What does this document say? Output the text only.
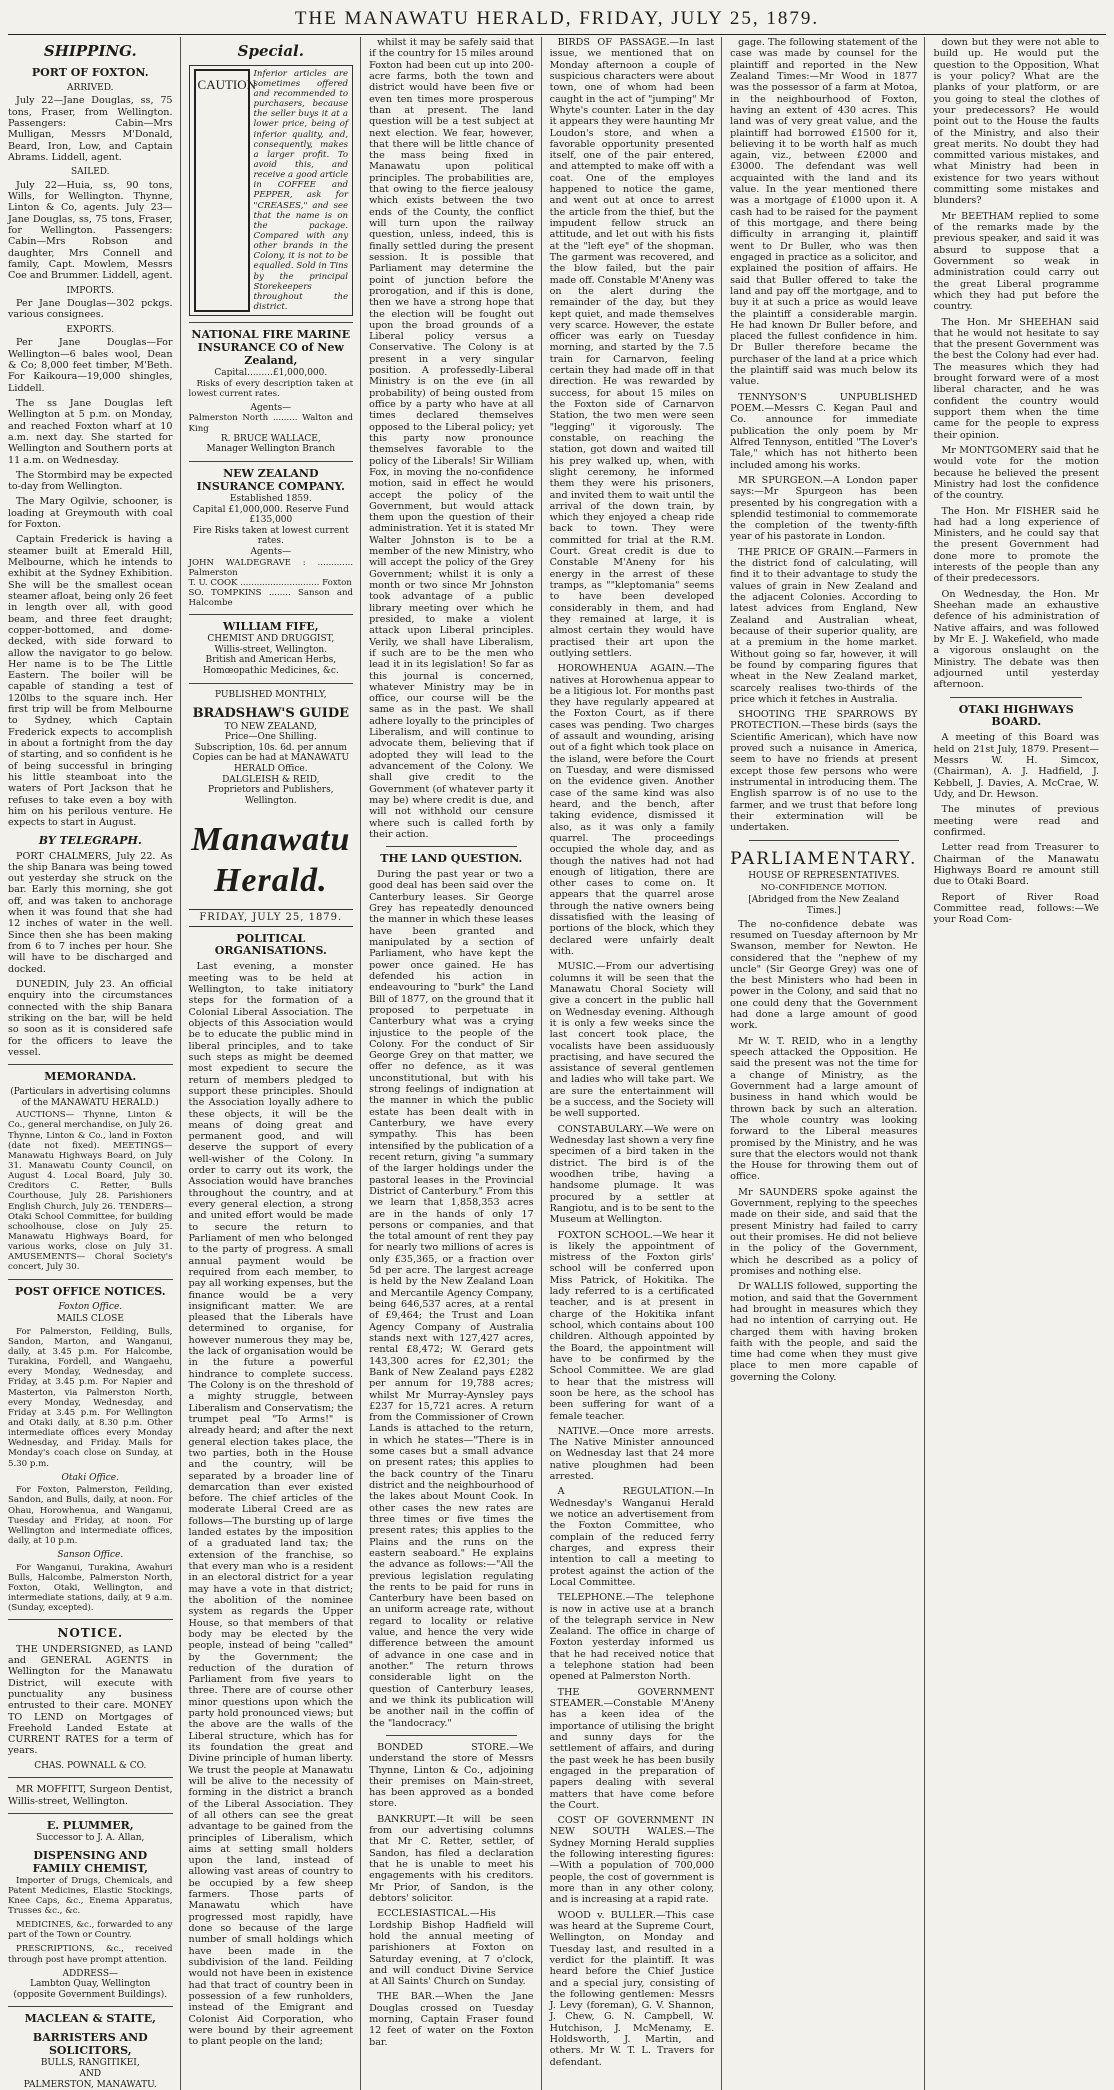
THE MANAWATU HERALD, FRIDAY, JULY 25, 1879.
SHIPPING.
PORT OF FOXTON.
ARRIVED.

July 22—Jane Douglas, ss, 75 tons, Fraser, from Wellington. Passengers: Cabin—Mrs Mulligan, Messrs M'Donald, Beard, Iron, Low, and Captain Abrams. Liddell, agent.

SAILED.

July 22—Huia, ss, 90 tons, Wills, for Wellington. Thynne, Linton & Co, agents. July 23—Jane Douglas, ss, 75 tons, Fraser, for Wellington. Passengers: Cabin—Mrs Robson and daughter, Mrs Connell and family, Capt. Mowlem, Messrs Coe and Brummer. Liddell, agent.

IMPORTS.

Per Jane Douglas—302 pckgs. various consignees.

EXPORTS.

Per Jane Douglas—For Wellington—6 bales wool, Dean & Co; 8,000 feet timber, M'Beth. For Kaikoura—19,000 shingles, Liddell.

The ss Jane Douglas left Wellington at 5 p.m. on Monday, and reached Foxton wharf at 10 a.m. next day. She started for Wellington and Southern ports at 11 a.m. on Wednesday.

The Stormbird may be expected to-day from Wellington.

The Mary Ogilvie, schooner, is loading at Greymouth with coal for Foxton.

Captain Frederick is having a steamer built at Emerald Hill, Melbourne, which he intends to exhibit at the Sydney Exhibition. She will be the smallest ocean steamer afloat, being only 26 feet in length over all, with good beam, and three feet draught; copper-bottomed, and dome-decked, with side forward to allow the navigator to go below. Her name is to be The Little Eastern. The boiler will be capable of standing a test of 120lbs to the square inch. Her first trip will be from Melbourne to Sydney, which Captain Frederick expects to accomplish in about a fortnight from the day of starting, and so confident is he of being successful in bringing his little steamboat into the waters of Port Jackson that he refuses to take even a boy with him on his perilous venture. He expects to start in August.

BY TELEGRAPH.

PORT CHALMERS, July 22. As the ship Banara was being towed out yesterday she struck on the bar. Early this morning, she got off, and was taken to anchorage when it was found that she had 12 inches of water in the well. Since then she has been making from 6 to 7 inches per hour. She will have to be discharged and docked.

DUNEDIN, July 23. An official enquiry into the circumstances connected with the ship Banara striking on the bar, will be held so soon as it is considered safe for the officers to leave the vessel.

MEMORANDA.
(Particulars in advertising columns of the MANAWATU HERALD.)

AUCTIONS— Thynne, Linton & Co., general merchandise, on July 26. Thynne, Linton & Co., land in Foxton (date not fixed). MEETINGS— Manawatu Highways Board, on July 31. Manawatu County Council, on August 4. Local Board, July 30. Creditors C. Retter, Bulls Courthouse, July 28. Parishioners English Church, July 26. TENDERS— Otaki School Committee, for building schoolhouse, close on July 25. Manawatu Highways Board, for various works, close on July 31. AMUSEMENTS— Choral Society's concert, July 30.

POST OFFICE NOTICES.
Foxton Office.
MAILS CLOSE

For Palmerston, Feilding, Bulls, Sandon, Marton, and Wanganui, daily, at 3.45 p.m. For Halcombe, Turakina, Fordell, and Wangaehu, every Monday, Wednesday, and Friday, at 3.45 p.m. For Napier and Masterton, via Palmerston North, every Monday, Wednesday, and Friday at 3.45 p.m. For Wellington and Otaki daily, at 8.30 p.m. Other intermediate offices every Monday Wednesday, and Friday. Mails for Monday's coach close on Sunday, at 5.30 p.m.

Otaki Office.

For Foxton, Palmerston, Feilding, Sandon, and Bulls, daily, at noon. For Ohau, Horowhenua, and Wanganui, Tuesday and Friday, at noon. For Wellington and intermediate offices, daily, at 10 p.m.

Sanson Office.

For Wanganui, Turakina, Awahuri Bulls, Halcombe, Palmerston North, Foxton, Otaki, Wellington, and intermediate stations, daily, at 9 a.m. (Sunday, excepted).

NOTICE.

THE UNDERSIGNED, as LAND and GENERAL AGENTS in Wellington for the Manawatu District, will execute with punctuality any business entrusted to their care. MONEY TO LEND on Mortgages of Freehold Landed Estate at CURRENT RATES for a term of years.

CHAS. POWNALL & CO.

MR MOFFITT, Surgeon Dentist, Willis-street, Wellington.

E. PLUMMER,
Successor to J. A. Allan,
DISPENSING AND FAMILY CHEMIST,

Importer of Drugs, Chemicals, and Patent Medicines, Elastic Stockings, Knee Caps, &c., Enema Apparatus, Trusses &c., &c.

MEDICINES, &c., forwarded to any part of the Town or Country.

PRESCRIPTIONS, &c., received through post have prompt attention.

ADDRESS—
Lambton Quay, Wellington (opposite Government Buildings).
MACLEAN & STAITE,
BARRISTERS AND SOLICITORS,
BULLS, RANGITIKEI,
AND
PALMERSTON, MANAWATU.
Special.
CAUTION
Inferior articles are sometimes offered and recommended to purchasers, because the seller buys it at a lower price, being of inferior quality, and, consequently, makes a larger profit. To avoid this, and receive a good article in COFFEE and PEPPER, ask for "CREASES," and see that the name is on the package. Compared with any other brands in the Colony, it is not to be equalled. Sold in Tins by the principal Storekeepers throughout the district.
NATIONAL FIRE MARINE INSURANCE CO of New Zealand,
Capital.........£1,000,000.

Risks of every description taken at lowest current rates.

Agents—
Palmerston North ......... Walton and King
R. BRUCE WALLACE,
Manager Wellington Branch
NEW ZEALAND INSURANCE COMPANY.
Established 1859.
Capital £1,000,000. Reserve Fund £135,000
Fire Risks taken at lowest current rates.
Agents—
JOHN WALDEGRAVE : ............. Palmerston
T. U. COOK ............................. Foxton
SO. TOMPKINS ........ Sanson and Halcombe
WILLIAM FIFE,
CHEMIST AND DRUGGIST,
Willis-street, Wellington.
British and American Herbs, Homœopathic Medicines, &c.
PUBLISHED MONTHLY,
BRADSHAW'S GUIDE
TO NEW ZEALAND,
Price—One Shilling.
Subscription, 10s. 6d. per annum
Copies can be had at MANAWATU HERALD Office.
DALGLEISH & REID,
Proprietors and Publishers, Wellington.
Manawatu Herald.
FRIDAY, JULY 25, 1879.
POLITICAL ORGANISATIONS.

Last evening, a monster meeting was to be held at Wellington, to take initiatory steps for the formation of a Colonial Liberal Association. The objects of this Association would be to educate the public mind in liberal principles, and to take such steps as might be deemed most expedient to secure the return of members pledged to support these principles. Should the Association loyally adhere to these objects, it will be the means of doing great and permanent good, and will deserve the support of every well-wisher of the Colony. In order to carry out its work, the Association would have branches throughout the country, and at every general election, a strong and united effort would be made to secure the return to Parliament of men who belonged to the party of progress. A small annual payment would be required from each member, to pay all working expenses, but the finance would be a very insignificant matter. We are pleased that the Liberals have determined to organise, for however numerous they may be, the lack of organisation would be in the future a powerful hindrance to complete success. The Colony is on the threshold of a mighty struggle, between Liberalism and Conservatism; the trumpet peal "To Arms!" is already heard; and after the next general election takes place, the two parties, both in the House and the country, will be separated by a broader line of demarcation than ever existed before. The chief articles of the moderate Liberal Creed are as follows—The bursting up of large landed estates by the imposition of a graduated land tax; the extension of the franchise, so that every man who is a resident in an electoral district for a year may have a vote in that district; the abolition of the nominee system as regards the Upper House, so that members of that body may be elected by the people, instead of being "called" by the Government; the reduction of the duration of Parliament from five years to three. There are of course other minor questions upon which the party hold pronounced views; but the above are the walls of the Liberal structure, which has for its foundation the great and Divine principle of human liberty. We trust the people at Manawatu will be alive to the necessity of forming in the district a branch of the Liberal Association. They of all others can see the great advantage to be gained from the principles of Liberalism, which aims at setting small holders upon the land, instead of allowing vast areas of country to be occupied by a few sheep farmers. Those parts of Manawatu which have progressed most rapidly, have done so because of the large number of small holdings which have been made in the subdivision of the land. Feilding would not have been in existence had that tract of country been in possession of a few runholders, instead of the Emigrant and Colonist Aid Corporation, who were bound by their agreement to plant people on the land;

whilst it may be safely said that if the country for 15 miles around Foxton had been cut up into 200-acre farms, both the town and district would have been five or even ten times more prosperous than at present. The land question will be a test subject at next election. We fear, however, that there will be little chance of the mass being fixed in Manawatu upon political principles. The probabilities are, that owing to the fierce jealousy which exists between the two ends of the County, the conflict will turn upon the railway question, unless, indeed, this is finally settled during the present session. It is possible that Parliament may determine the point of junction before the prorogation, and if this is done, then we have a strong hope that the election will be fought out upon the broad grounds of a Liberal policy versus a Conservative. The Colony is at present in a very singular position. A professedly-Liberal Ministry is on the eve (in all probability) of being ousted from office by a party who have at all times declared themselves opposed to the Liberal policy; yet this party now pronounce themselves favorable to the policy of the Liberals! Sir William Fox, in moving the no-confidence motion, said in effect he would accept the policy of the Government, but would attack them upon the question of their administration. Yet it is stated Mr Walter Johnston is to be a member of the new Ministry, who will accept the policy of the Grey Government; whilst it is only a month or two since Mr Johnston took advantage of a public library meeting over which he presided, to make a violent attack upon Liberal principles. Verily, we shall have Liberalism, if such are to be the men who lead it in its legislation! So far as this journal is concerned, whatever Ministry may be in office, our course will be the same as in the past. We shall adhere loyally to the principles of Liberalism, and will continue to advocate them, believing that if adopted they will lead to the advancement of the Colony. We shall give credit to the Government (of whatever party it may be) where credit is due, and will not withhold our censure where such is called forth by their action.

THE LAND QUESTION.

During the past year or two a good deal has been said over the Canterbury leases. Sir George Grey has repeatedly denounced the manner in which these leases have been granted and manipulated by a section of Parliament, who have kept the power once gained. He has defended his action in endeavouring to "burk" the Land Bill of 1877, on the ground that it proposed to perpetuate in Canterbury what was a crying injustice to the people of the Colony. For the conduct of Sir George Grey on that matter, we offer no defence, as it was unconstitutional, but with his strong feelings of indignation at the manner in which the public estate has been dealt with in Canterbury, we have every sympathy. This has been intensified by the publication of a recent return, giving "a summary of the larger holdings under the pastoral leases in the Provincial District of Canterbury." From this we learn that 1,858,353 acres are in the hands of only 17 persons or companies, and that the total amount of rent they pay for nearly two millions of acres is only £35,365, or a fraction over 5d per acre. The largest acreage is held by the New Zealand Loan and Mercantile Agency Company, being 646,537 acres, at a rental of £9,464; the Trust and Loan Agency Company of Australia stands next with 127,427 acres, rental £8,472; W. Gerard gets 143,300 acres for £2,301; the Bank of New Zealand pays £282 per annum for 19,788 acres; whilst Mr Murray-Aynsley pays £237 for 15,721 acres. A return from the Commissioner of Crown Lands is attached to the return, in which he states—"There is in some cases but a small advance on present rates; this applies to the back country of the Tinaru district and the neighbourhood of the lakes about Mount Cook. In other cases the new rates are three times or five times the present rates; this applies to the Plains and the runs on the eastern seaboard." He explains the advance as follows:—"All the previous legislation regulating the rents to be paid for runs in Canterbury have been based on an uniform acreage rate, without regard to locality or relative value, and hence the very wide difference between the amount of advance in one case and in another." The return throws considerable light on the question of Canterbury leases, and we think its publication will be another nail in the coffin of the "landocracy."

BONDED STORE.—We understand the store of Messrs Thynne, Linton & Co., adjoining their premises on Main-street, has been approved as a bonded store.

BANKRUPT.—It will be seen from our advertising columns that Mr C. Retter, settler, of Sandon, has filed a declaration that he is unable to meet his engagements with his creditors. Mr Prior, of Sandon, is the debtors' solicitor.

ECCLESIASTICAL.—His Lordship Bishop Hadfield will hold the annual meeting of parishioners at Foxton on Saturday evening, at 7 o'clock, and will conduct Divine Service at All Saints' Church on Sunday.

THE BAR.—When the Jane Douglas crossed on Tuesday morning, Captain Fraser found 12 feet of water on the Foxton bar.

BIRDS OF PASSAGE.—In last issue, we mentioned that on Monday afternoon a couple of suspicious characters were about town, one of whom had been caught in the act of "jumping" Mr Whyte's counter. Later in the day it appears they were haunting Mr Loudon's store, and when a favorable opportunity presented itself, one of the pair entered, and attempted to make off with a coat. One of the employes happened to notice the game, and went out at once to arrest the article from the thief, but the impudent fellow struck an attitude, and let out with his fists at the "left eye" of the shopman. The garment was recovered, and the blow failed, but the pair made off. Constable M'Aneny was on the alert during the remainder of the day, but they kept quiet, and made themselves very scarce. However, the estate officer was early on Tuesday morning, and started by the 7.5 train for Carnarvon, feeling certain they had made off in that direction. He was rewarded by success, for about 15 miles on the Foxton side of Carnarvon Station, the two men were seen "legging" it vigorously. The constable, on reaching the station, got down and waited till his prey walked up, when, with slight ceremony, he informed them they were his prisoners, and invited them to wait until the arrival of the down train, by which they enjoyed a cheap ride back to town. They were committed for trial at the R.M. Court. Great credit is due to Constable M'Aneny for his energy in the arrest of these tramps, as ""kleptomania" seems to have been developed considerably in them, and had they remained at large, it is almost certain they would have practised their art upon the outlying settlers.

HOROWHENUA AGAIN.—The natives at Horowhenua appear to be a litigious lot. For months past they have regularly appeared at the Foxton Court, as if there cases was pending. Two charges of assault and wounding, arising out of a fight which took place on the island, were before the Court on Tuesday, and were dismissed on the evidence given. Another case of the same kind was also heard, and the bench, after taking evidence, dismissed it also, as it was only a family quarrel. The proceedings occupied the whole day, and as though the natives had not had enough of litigation, there are other cases to come on. It appears that the quarrel arose through the native owners being dissatisfied with the leasing of portions of the block, which they declared were unfairly dealt with.

MUSIC.—From our advertising columns it will be seen that the Manawatu Choral Society will give a concert in the public hall on Wednesday evening. Although it is only a few weeks since the last concert took place, the vocalists have been assiduously practising, and have secured the assistance of several gentlemen and ladies who will take part. We are sure the entertainment will be a success, and the Society will be well supported.

CONSTABULARY.—We were on Wednesday last shown a very fine specimen of a bird taken in the district. The bird is of the woodhen tribe, having a handsome plumage. It was procured by a settler at Rangiotu, and is to be sent to the Museum at Wellington.

FOXTON SCHOOL.—We hear it is likely the appointment of mistress of the Foxton girls' school will be conferred upon Miss Patrick, of Hokitika. The lady referred to is a certificated teacher, and is at present in charge of the Hokitika infant school, which contains about 100 children. Although appointed by the Board, the appointment will have to be confirmed by the School Committee. We are glad to hear that the mistress will soon be here, as the school has been suffering for want of a female teacher.

NATIVE.—Once more arrests. The Native Minister announced on Wednesday last that 24 more native ploughmen had been arrested.

A REGULATION.—In Wednesday's Wanganui Herald we notice an advertisement from the Foxton Committee, who complain of the reduced ferry charges, and express their intention to call a meeting to protest against the action of the Local Committee.

TELEPHONE.—The telephone is now in active use at a branch of the telegraph service in New Zealand. The office in charge of Foxton yesterday informed us that he had received notice that a telephone station had been opened at Palmerston North.

THE GOVERNMENT STEAMER.—Constable M'Aneny has a keen idea of the importance of utilising the bright and sunny days for the settlement of affairs, and during the past week he has been busily engaged in the preparation of papers dealing with several matters that have come before the Court.

COST OF GOVERNMENT IN NEW SOUTH WALES.—The Sydney Morning Herald supplies the following interesting figures:—With a population of 700,000 people, the cost of government is more than in any other colony, and is increasing at a rapid rate.

WOOD v. BULLER.—This case was heard at the Supreme Court, Wellington, on Monday and Tuesday last, and resulted in a verdict for the plaintiff. It was heard before the Chief Justice and a special jury, consisting of the following gentlemen: Messrs J. Levy (foreman), G. V. Shannon, J. Chew, G. N. Campbell, W. Hutchison, J. McMenamy, E. Holdsworth, J. Martin, and others. Mr W. T. L. Travers for defendant.

gage. The following statement of the case was made by counsel for the plaintiff and reported in the New Zealand Times:—Mr Wood in 1877 was the possessor of a farm at Motoa, in the neighbourhood of Foxton, having an extent of 430 acres. This land was of very great value, and the plaintiff had borrowed £1500 for it, believing it to be worth half as much again, viz., between £2000 and £3000. The defendant was well acquainted with the land and its value. In the year mentioned there was a mortgage of £1000 upon it. A cash had to be raised for the payment of this mortgage, and there being difficulty in arranging it, plaintiff went to Dr Buller, who was then engaged in practice as a solicitor, and explained the position of affairs. He said that Buller offered to take the land and pay off the mortgage, and to buy it at such a price as would leave the plaintiff a considerable margin. He had known Dr Buller before, and placed the fullest confidence in him. Dr Buller therefore became the purchaser of the land at a price which the plaintiff said was much below its value.

TENNYSON'S UNPUBLISHED POEM.—Messrs C. Kegan Paul and Co. announce for immediate publication the only poem by Mr Alfred Tennyson, entitled "The Lover's Tale," which has not hitherto been included among his works.

MR SPURGEON.—A London paper says:—Mr Spurgeon has been presented by his congregation with a splendid testimonial to commemorate the completion of the twenty-fifth year of his pastorate in London.

THE PRICE OF GRAIN.—Farmers in the district fond of calculating, will find it to their advantage to study the values of grain in New Zealand and the adjacent Colonies. According to latest advices from England, New Zealand and Australian wheat, because of their superior quality, are at a premium in the home market. Without going so far, however, it will be found by comparing figures that wheat in the New Zealand market, scarcely realises two-thirds of the price which it fetches in Australia.

SHOOTING THE SPARROWS BY PROTECTION.—These birds (says the Scientific American), which have now proved such a nuisance in America, seem to have no friends at present except those few persons who were instrumental in introducing them. The English sparrow is of no use to the farmer, and we trust that before long their extermination will be undertaken.

PARLIAMENTARY.
HOUSE OF REPRESENTATIVES.
NO-CONFIDENCE MOTION.
[Abridged from the New Zealand Times.]

The no-confidence debate was resumed on Tuesday afternoon by Mr Swanson, member for Newton. He considered that the "nephew of my uncle" (Sir George Grey) was one of the best Ministers who had been in power in the Colony, and said that no one could deny that the Government had done a large amount of good work.

Mr W. T. REID, who in a lengthy speech attacked the Opposition. He said the present was not the time for a change of Ministry, as the Government had a large amount of business in hand which would be thrown back by such an alteration. The whole country was looking forward to the Liberal measures promised by the Ministry, and he was sure that the electors would not thank the House for throwing them out of office.

Mr SAUNDERS spoke against the Government, replying to the speeches made on their side, and said that the present Ministry had failed to carry out their promises. He did not believe in the policy of the Government, which he described as a policy of promises and nothing else.

Dr WALLIS followed, supporting the motion, and said that the Government had brought in measures which they had no intention of carrying out. He charged them with having broken faith with the people, and said the time had come when they must give place to men more capable of governing the Colony.

down but they were not able to build up. He would put the question to the Opposition, What is your policy? What are the planks of your platform, or are you going to steal the clothes of your predecessors? He would point out to the House the faults of the Ministry, and also their great merits. No doubt they had committed various mistakes, and what Ministry had been in existence for two years without committing some mistakes and blunders?

Mr BEETHAM replied to some of the remarks made by the previous speaker, and said it was absurd to suppose that a Government so weak in administration could carry out the great Liberal programme which they had put before the country.

The Hon. Mr SHEEHAN said that he would not hesitate to say that the present Government was the best the Colony had ever had. The measures which they had brought forward were of a most liberal character, and he was confident the country would support them when the time came for the people to express their opinion.

Mr MONTGOMERY said that he would vote for the motion because he believed the present Ministry had lost the confidence of the country.

The Hon. Mr FISHER said he had had a long experience of Ministers, and he could say that the present Government had done more to promote the interests of the people than any of their predecessors.

On Wednesday, the Hon. Mr Sheehan made an exhaustive defence of his administration of Native affairs, and was followed by Mr E. J. Wakefield, who made a vigorous onslaught on the Ministry. The debate was then adjourned until yesterday afternoon.

OTAKI HIGHWAYS BOARD.

A meeting of this Board was held on 21st July, 1879. Present—Messrs W. H. Simcox, (Chairman), A. J. Hadfield, J. Kebbell, J. Davies, A. McCrae, W. Udy, and Dr. Hewson.

The minutes of previous meeting were read and confirmed.

Letter read from Treasurer to Chairman of the Manawatu Highways Board re amount still due to Otaki Board.

Report of River Road Committee read, follows:—We your Road Com-
